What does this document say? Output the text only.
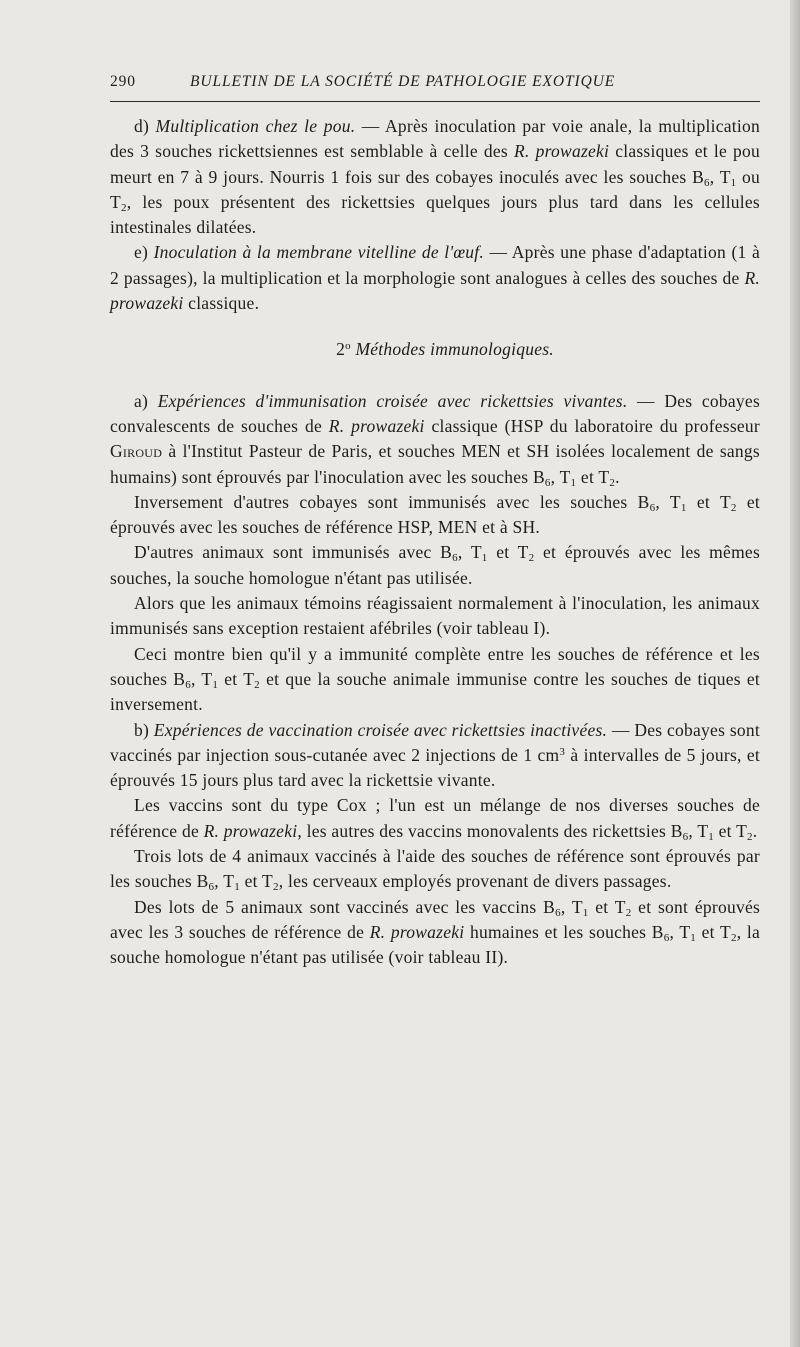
290	BULLETIN DE LA SOCIÉTÉ DE PATHOLOGIE EXOTIQUE

d) Multiplication chez le pou. — Après inoculation par voie anale, la multiplication des 3 souches rickettsiennes est semblable à celle des R. prowazeki classiques et le pou meurt en 7 à 9 jours. Nourris 1 fois sur des cobayes inoculés avec les souches $B_6$, $T_1$ ou $T_2$, les poux présentent des rickettsies quelques jours plus tard dans les cellules intestinales dilatées.

e) Inoculation à la membrane vitelline de l'œuf. — Après une phase d'adaptation (1 à 2 passages), la multiplication et la morphologie sont analogues à celles des souches de R. prowazeki classique.

2$^o$ Méthodes immunologiques.

a) Expériences d'immunisation croisée avec rickettsies vivantes. — Des cobayes convalescents de souches de R. prowazeki classique (HSP du laboratoire du professeur Giroud à l'Institut Pasteur de Paris, et souches MEN et SH isolées localement de sangs humains) sont éprouvés par l'inoculation avec les souches $B_6$, $T_1$ et $T_2$.

Inversement d'autres cobayes sont immunisés avec les souches $B_6$, $T_1$ et $T_2$ et éprouvés avec les souches de référence HSP, MEN et à SH.

D'autres animaux sont immunisés avec $B_6$, $T_1$ et $T_2$ et éprouvés avec les mêmes souches, la souche homologue n'étant pas utilisée.

Alors que les animaux témoins réagissaient normalement à l'inoculation, les animaux immunisés sans exception restaient afébriles (voir tableau I).

Ceci montre bien qu'il y a immunité complète entre les souches de référence et les souches $B_6$, $T_1$ et $T_2$ et que la souche animale immunise contre les souches de tiques et inversement.

b) Expériences de vaccination croisée avec rickettsies inactivées. — Des cobayes sont vaccinés par injection sous-cutanée avec 2 injections de 1 $cm^3$ à intervalles de 5 jours, et éprouvés 15 jours plus tard avec la rickettsie vivante.

Les vaccins sont du type Cox ; l'un est un mélange de nos diverses souches de référence de R. prowazeki, les autres des vaccins monovalents des rickettsies $B_6$, $T_1$ et $T_2$.

Trois lots de 4 animaux vaccinés à l'aide des souches de référence sont éprouvés par les souches $B_6$, $T_1$ et $T_2$, les cerveaux employés provenant de divers passages.

Des lots de 5 animaux sont vaccinés avec les vaccins $B_6$, $T_1$ et $T_2$ et sont éprouvés avec les 3 souches de référence de R. prowazeki humaines et les souches $B_6$, $T_1$ et $T_2$, la souche homologue n'étant pas utilisée (voir tableau II).
